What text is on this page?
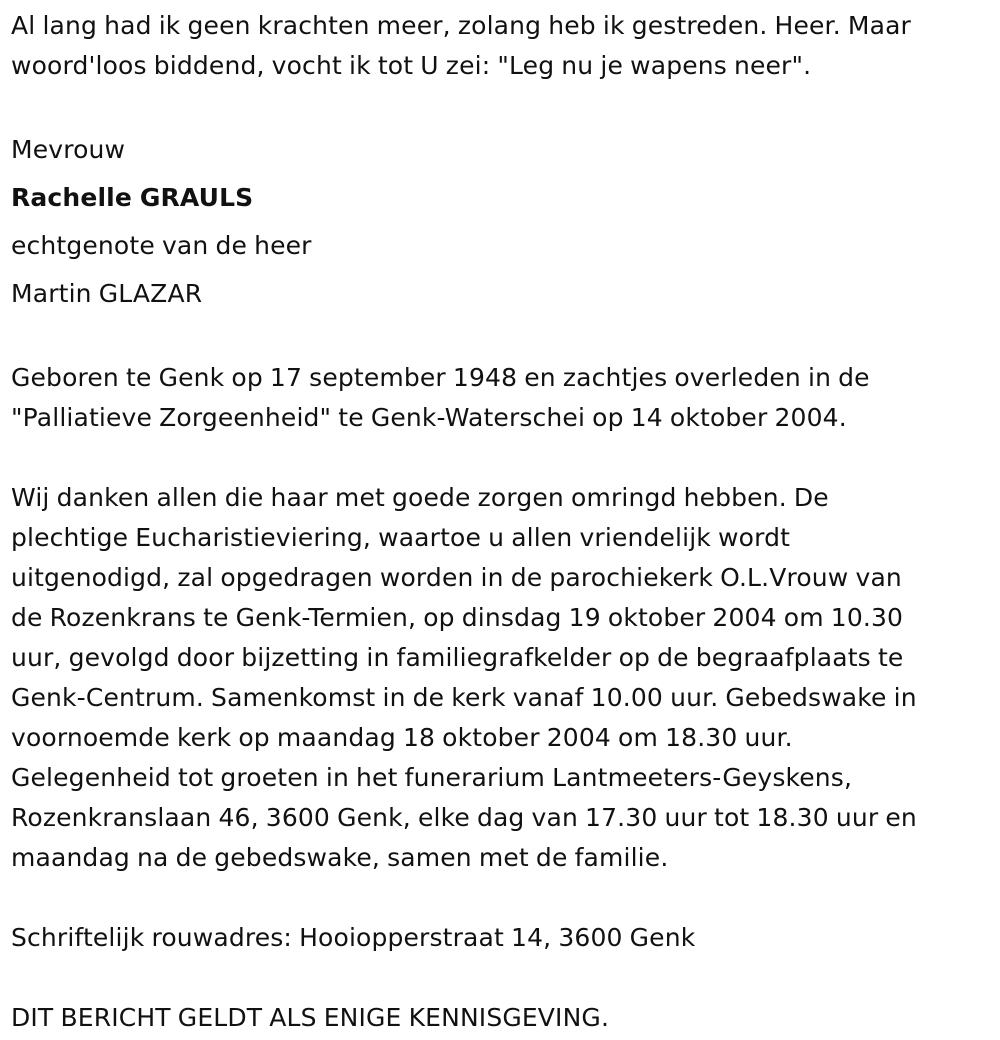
Al lang had ik geen krachten meer, zolang heb ik gestreden. Heer. Maar
woord'loos biddend, vocht ik tot U zei: "Leg nu je wapens neer".
Mevrouw
Rachelle GRAULS
echtgenote van de heer
Martin GLAZAR
Geboren te Genk op 17 september 1948 en zachtjes overleden in de
"Palliatieve Zorgeenheid" te Genk-Waterschei op 14 oktober 2004.
Wij danken allen die haar met goede zorgen omringd hebben. De
plechtige Eucharistieviering, waartoe u allen vriendelijk wordt
uitgenodigd, zal opgedragen worden in de parochiekerk O.L.Vrouw van
de Rozenkrans te Genk-Termien, op dinsdag 19 oktober 2004 om 10.30
uur, gevolgd door bijzetting in familiegrafkelder op de begraafplaats te
Genk-Centrum. Samenkomst in de kerk vanaf 10.00 uur. Gebedswake in
voornoemde kerk op maandag 18 oktober 2004 om 18.30 uur.
Gelegenheid tot groeten in het funerarium Lantmeeters-Geyskens,
Rozenkranslaan 46, 3600 Genk, elke dag van 17.30 uur tot 18.30 uur en
maandag na de gebedswake, samen met de familie.
Schriftelijk rouwadres: Hooiopperstraat 14, 3600 Genk
DIT BERICHT GELDT ALS ENIGE KENNISGEVING.
